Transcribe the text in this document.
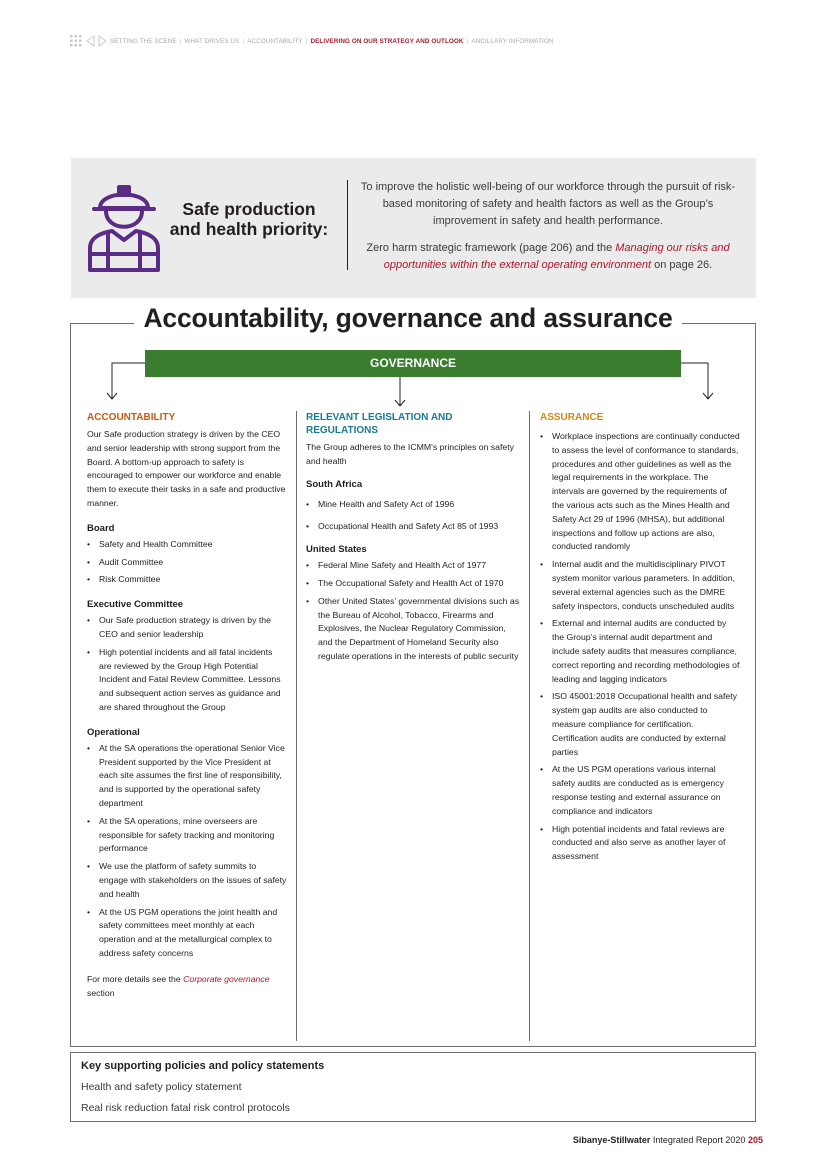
SETTING THE SCENE | WHAT DRIVES US | ACCOUNTABILITY | DELIVERING ON OUR STRATEGY AND OUTLOOK | ANCILLARY INFORMATION
Safe production and health priority:

To improve the holistic well-being of our workforce through the pursuit of risk-based monitoring of safety and health factors as well as the Group’s improvement in safety and health performance.

Zero harm strategic framework (page 206) and the Managing our risks and opportunities within the external operating environment on page 26.

Accountability, governance and assurance
GOVERNANCE
ACCOUNTABILITY

Our Safe production strategy is driven by the CEO and senior leadership with strong support from the Board. A bottom-up approach to safety is encouraged to empower our workforce and enable them to execute their tasks in a safe and productive manner.

Board
• Safety and Health Committee
• Audit Committee
• Risk Committee
Executive Committee
• Our Safe production strategy is driven by the CEO and senior leadership
• High potential incidents and all fatal incidents are reviewed by the Group High Potential Incident and Fatal Review Committee. Lessons and subsequent action serves as guidance and are shared throughout the Group
Operational
• At the SA operations the operational Senior Vice President supported by the Vice President at each site assumes the first line of responsibility, and is supported by the operational safety department
• At the SA operations, mine overseers are responsible for safety tracking and monitoring performance
• We use the platform of safety summits to engage with stakeholders on the issues of safety and health
• At the US PGM operations the joint health and safety committees meet monthly at each operation and at the metallurgical complex to address safety concerns

For more details see the Corporate governance section

RELEVANT LEGISLATION AND REGULATIONS

The Group adheres to the ICMM’s principles on safety and health

South Africa
• Mine Health and Safety Act of 1996
• Occupational Health and Safety Act 85 of 1993
United States
• Federal Mine Safety and Health Act of 1977
• The Occupational Safety and Health Act of 1970
• Other United States’ governmental divisions such as the Bureau of Alcohol, Tobacco, Firearms and Explosives, the Nuclear Regulatory Commission, and the Department of Homeland Security also regulate operations in the interests of public security
ASSURANCE
• Workplace inspections are continually conducted to assess the level of conformance to standards, procedures and other guidelines as well as the legal requirements in the workplace. The intervals are governed by the requirements of the various acts such as the Mines Health and Safety Act 29 of 1996 (MHSA), but additional inspections and follow up actions are also, conducted randomly
• Internal audit and the multidisciplinary PIVOT system monitor various parameters. In addition, several external agencies such as the DMRE safety inspectors, conducts unscheduled audits
• External and internal audits are conducted by the Group’s internal audit department and include safety audits that measures compliance, correct reporting and recording methodologies of leading and lagging indicators
• ISO 45001:2018 Occupational health and safety system gap audits are also conducted to measure compliance for certification. Certification audits are conducted by external parties
• At the US PGM operations various internal safety audits are conducted as is emergency response testing and external assurance on compliance and indicators
• High potential incidents and fatal reviews are conducted and also serve as another layer of assessment
Key supporting policies and policy statements
Health and safety policy statement
Real risk reduction fatal risk control protocols
Sibanye-Stillwater Integrated Report 2020 205
